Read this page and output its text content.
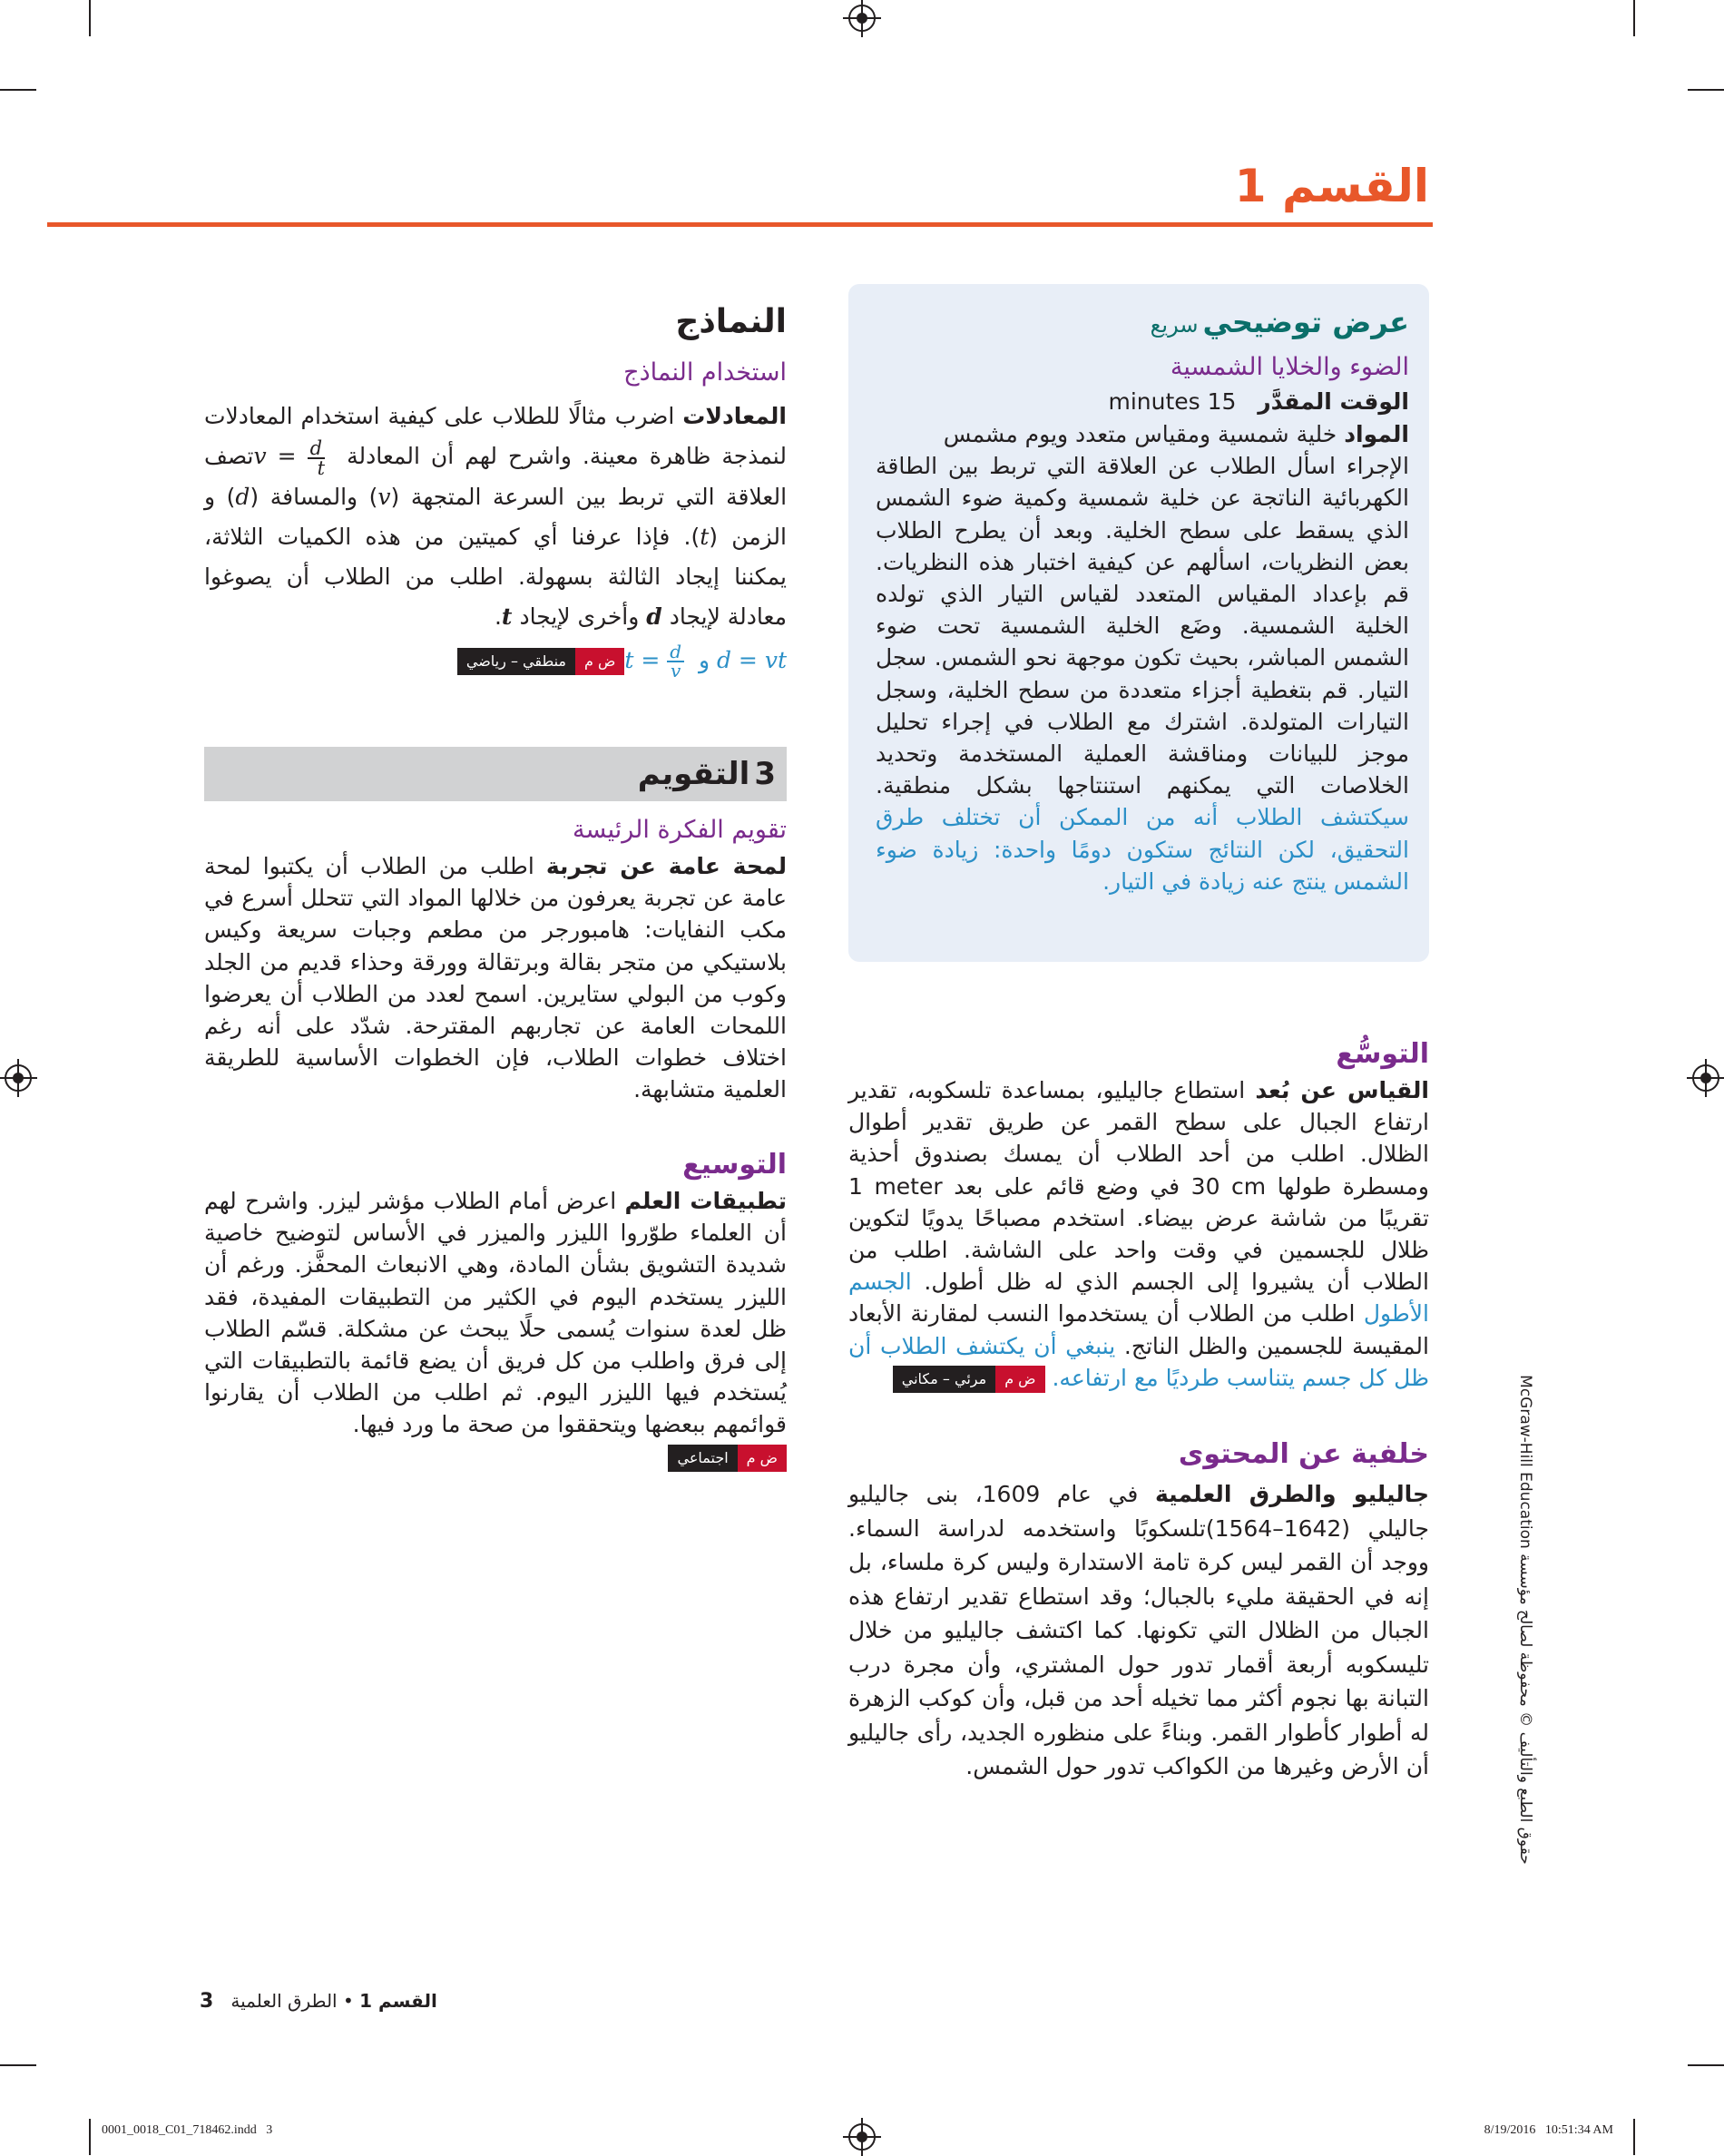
القسم 1
عرض توضيحي سريع
الضوء والخلايا الشمسية
الوقت المقدَّر   15 minutes
المواد خلية شمسية ومقياس متعدد ويوم مشمس
الإجراء اسأل الطلاب عن العلاقة التي تربط بين الطاقة الكهربائية الناتجة عن خلية شمسية وكمية ضوء الشمس الذي يسقط على سطح الخلية. وبعد أن يطرح الطلاب بعض النظريات، اسألهم عن كيفية اختبار هذه النظريات. قم بإعداد المقياس المتعدد لقياس التيار الذي تولده الخلية الشمسية. وضَع الخلية الشمسية تحت ضوء الشمس المباشر، بحيث تكون موجهة نحو الشمس. سجل التيار. قم بتغطية أجزاء متعددة من سطح الخلية، وسجل التيارات المتولدة. اشترك مع الطلاب في إجراء تحليل موجز للبيانات ومناقشة العملية المستخدمة وتحديد الخلاصات التي يمكنهم استنتاجها بشكل منطقية. سيكتشف الطلاب أنه من الممكن أن تختلف طرق التحقيق، لكن النتائج ستكون دومًا واحدة: زيادة ضوء الشمس ينتج عنه زيادة في التيار.
التوسُّع
القياس عن بُعد استطاع جاليليو، بمساعدة تلسكوبه، تقدير ارتفاع الجبال على سطح القمر عن طريق تقدير أطوال الظلال. اطلب من أحد الطلاب أن يمسك بصندوق أحذية ومسطرة طولها 30 cm في وضع قائم على بعد 1 meter تقريبًا من شاشة عرض بيضاء. استخدم مصباحًا يدويًا لتكوين ظلال للجسمين في وقت واحد على الشاشة. اطلب من الطلاب أن يشيروا إلى الجسم الذي له ظل أطول. الجسم الأطول اطلب من الطلاب أن يستخدموا النسب لمقارنة الأبعاد المقيسة للجسمين والظل الناتج. ينبغي أن يكتشف الطلاب أن ظل كل جسم يتناسب طرديًا مع ارتفاعه. ض ممرئي – مكاني
خلفية عن المحتوى
جاليليو والطرق العلمية في عام 1609، بنى جاليليو جاليلي (1564–1642)تلسكوبًا واستخدمه لدراسة السماء. ووجد أن القمر ليس كرة تامة الاستدارة وليس كرة ملساء، بل إنه في الحقيقة مليء بالجبال؛ وقد استطاع تقدير ارتفاع هذه الجبال من الظلال التي تكونها. كما اكتشف جاليليو من خلال تليسكوبه أربعة أقمار تدور حول المشتري، وأن مجرة درب التبانة بها نجوم أكثر مما تخيله أحد من قبل، وأن كوكب الزهرة له أطوار كأطوار القمر. وبناءً على منظوره الجديد، رأى جاليليو أن الأرض وغيرها من الكواكب تدور حول الشمس.
النماذج
استخدام النماذج
المعادلات اضرب مثالًا للطلاب على كيفية استخدام المعادلات لنمذجة ظاهرة معينة. واشرح لهم أن المعادلة $v = \frac{d}{t}$
تصف العلاقة التي تربط بين السرعة المتجهة (v) والمسافة (d) و الزمن (t). فإذا عرفنا أي كميتين من هذه الكميات الثلاثة، يمكننا إيجاد الثالثة بسهولة. اطلب من الطلاب أن يصوغوا معادلة لإيجاد d وأخرى لإيجاد t.
d = vt و $t = \frac{d}{v}$
ض ممنطقي – رياضي
3 التقويم
تقويم الفكرة الرئيسة
لمحة عامة عن تجربة اطلب من الطلاب أن يكتبوا لمحة عامة عن تجربة يعرفون من خلالها المواد التي تتحلل أسرع في مكب النفايات: هامبورجر من مطعم وجبات سريعة وكيس بلاستيكي من متجر بقالة وبرتقالة وورقة وحذاء قديم من الجلد وكوب من البولي ستايرين. اسمح لعدد من الطلاب أن يعرضوا اللمحات العامة عن تجاربهم المقترحة. شدّد على أنه رغم اختلاف خطوات الطلاب، فإن الخطوات الأساسية للطريقة العلمية متشابهة.
التوسيع
تطبيقات العلم اعرض أمام الطلاب مؤشر ليزر. واشرح لهم أن العلماء طوّروا الليزر والميزر في الأساس لتوضيح خاصية شديدة التشويق بشأن المادة، وهي الانبعاث المحفَّز. ورغم أن الليزر يستخدم اليوم في الكثير من التطبيقات المفيدة، فقد ظل لعدة سنوات يُسمى حلًا يبحث عن مشكلة. قسّم الطلاب إلى فرق واطلب من كل فريق أن يضع قائمة بالتطبيقات التي يُستخدم فيها الليزر اليوم. ثم اطلب من الطلاب أن يقارنوا قوائمهم ببعضها ويتحققوا من صحة ما ورد فيها.
ض ماجتماعي	حقوق الطبع والتأليف © محفوظة لصالح مؤسسة McGraw-Hill Education
القسم 1 • الطرق العلمية   3
0001_0018_C01_718462.indd   3	8/19/2016   10:51:34 AM
